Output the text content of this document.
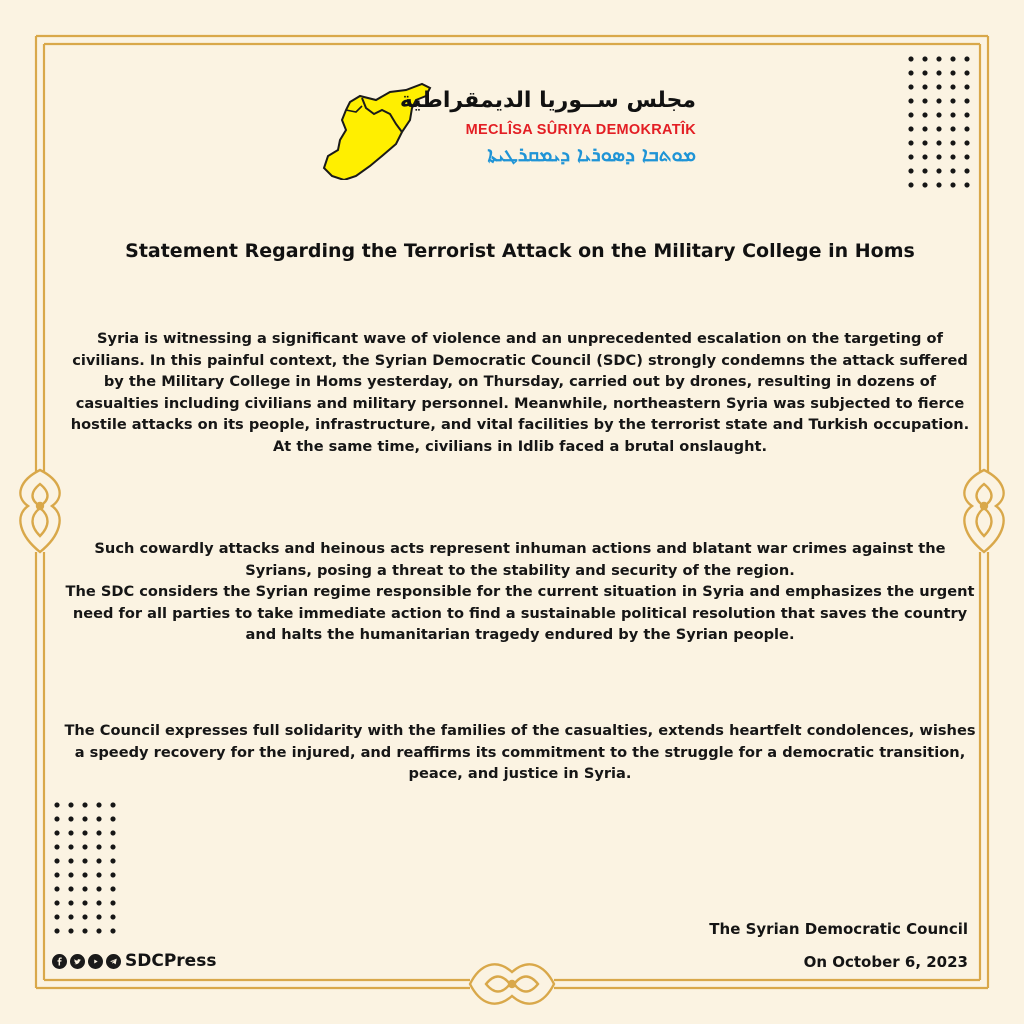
مجلس ســوريا الديمقراطية
MECLÎSA SÛRIYA DEMOKRATÎK
ܡܘܬܒܐ ܕܣܘܪܝܐ ܕܝܡܩܪܛܝܬܐ
Statement Regarding the Terrorist Attack on the Military College in Homs

Syria is witnessing a significant wave of violence and an unprecedented escalation on the targeting of civilians. In this painful context, the Syrian Democratic Council (SDC) strongly condemns the attack suffered by the Military College in Homs yesterday, on Thursday, carried out by drones, resulting in dozens of casualties including civilians and military personnel. Meanwhile, northeastern Syria was subjected to fierce hostile attacks on its people, infrastructure, and vital facilities by the terrorist state and Turkish occupation. At the same time, civilians in Idlib faced a brutal onslaught.

Such cowardly attacks and heinous acts represent inhuman actions and blatant war crimes against the Syrians, posing a threat to the stability and security of the region.

The SDC considers the Syrian regime responsible for the current situation in Syria and emphasizes the urgent need for all parties to take immediate action to find a sustainable political resolution that saves the country and halts the humanitarian tragedy endured by the Syrian people.

The Council expresses full solidarity with the families of the casualties, extends heartfelt condolences, wishes a speedy recovery for the injured, and reaffirms its commitment to the struggle for a democratic transition, peace, and justice in Syria.

The Syrian Democratic Council
On October 6, 2023
SDCPress
